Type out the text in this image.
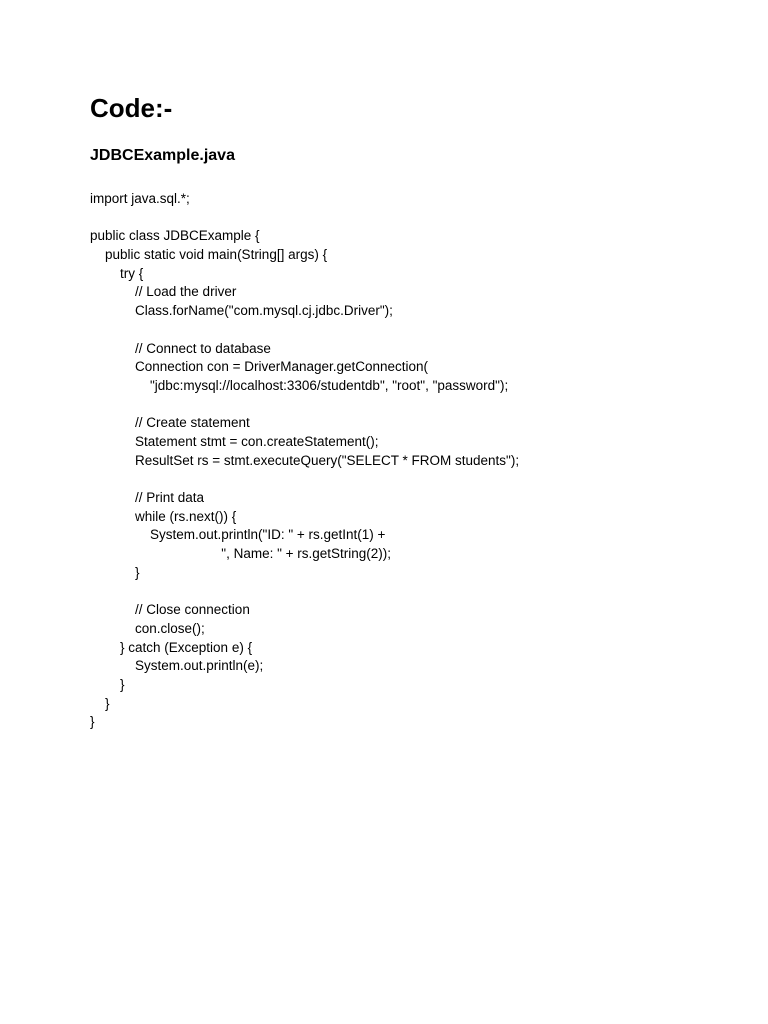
Code:-
JDBCExample.java
import java.sql.*;
public class JDBCExample {
public static void main(String[] args) {
try {
// Load the driver
Class.forName("com.mysql.cj.jdbc.Driver");
// Connect to database
Connection con = DriverManager.getConnection(
"jdbc:mysql://localhost:3306/studentdb", "root", "password");
// Create statement
Statement stmt = con.createStatement();
ResultSet rs = stmt.executeQuery("SELECT * FROM students");
// Print data
while (rs.next()) {
System.out.println("ID: " + rs.getInt(1) +
", Name: " + rs.getString(2));
}
// Close connection
con.close();
} catch (Exception e) {
System.out.println(e);
}
}
}
